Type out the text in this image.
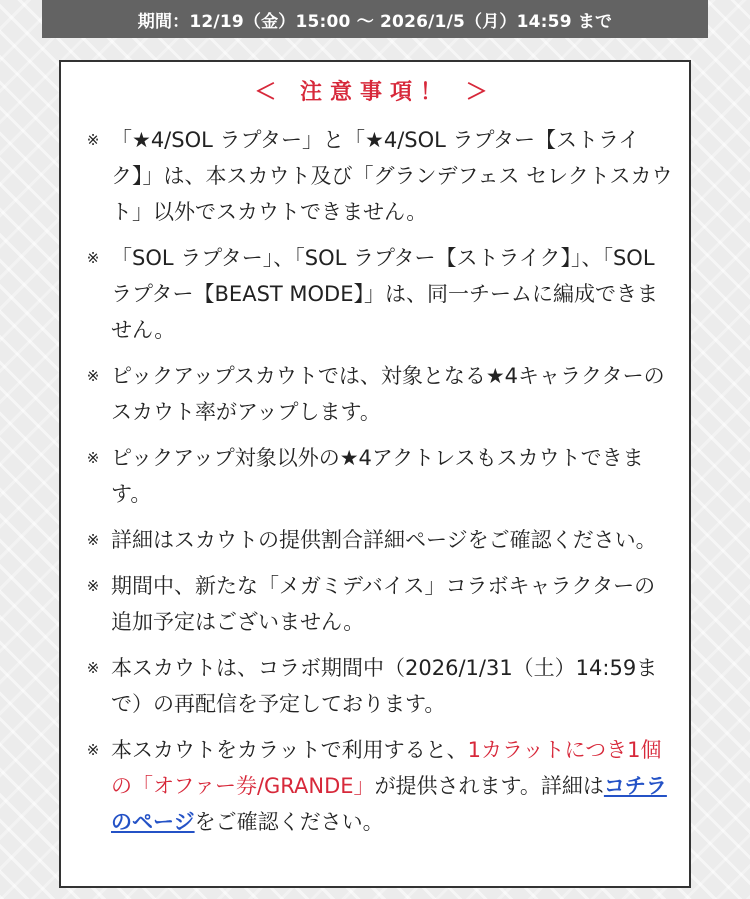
期間：12/19（金）15:00 〜 2026/1/5（月）14:59 まで
＜ 注意事項！ ＞
※ 「★4/SOL ラプター」と「★4/SOL ラプター【ストライク】」は、本スカウト及び「グランデフェス セレクトスカウト」以外でスカウトできません。
※ 「SOL ラプター」、「SOL ラプター【ストライク】」、「SOL ラプター【BEAST MODE】」は、同一チームに編成できません。
※ ピックアップスカウトでは、対象となる★4キャラクターのスカウト率がアップします。
※ ピックアップ対象以外の★4アクトレスもスカウトできます。
※ 詳細はスカウトの提供割合詳細ページをご確認ください。
※ 期間中、新たな「メガミデバイス」コラボキャラクターの追加予定はございません。
※ 本スカウトは、コラボ期間中（2026/1/31（土）14:59まで）の再配信を予定しております。
※ 本スカウトをカラットで利用すると、1カラットにつき1個の「オファー券/GRANDE」が提供されます。詳細はコチラのページをご確認ください。
